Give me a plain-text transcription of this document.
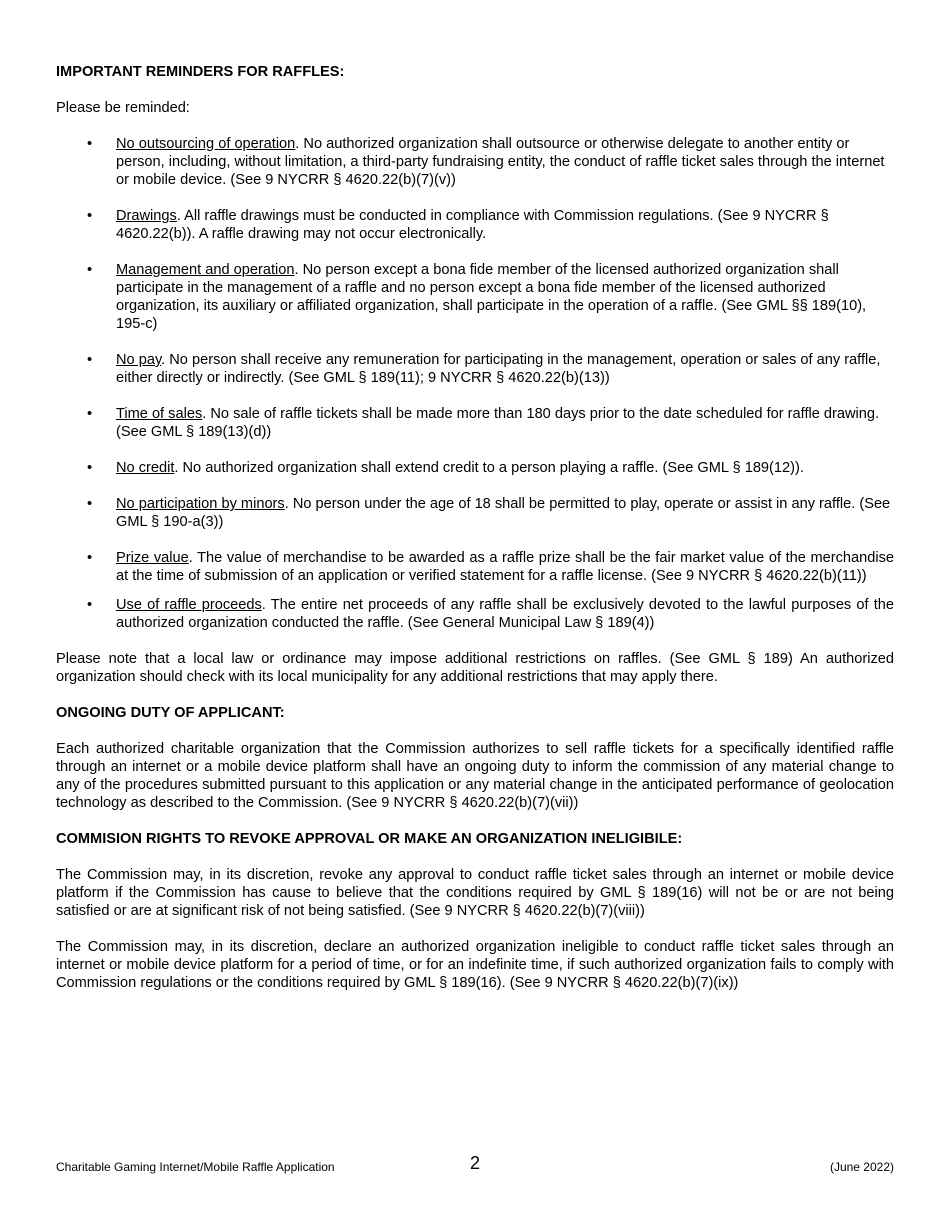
IMPORTANT REMINDERS FOR RAFFLES:

Please be reminded:

• No outsourcing of operation. No authorized organization shall outsource or otherwise delegate to another entity or person, including, without limitation, a third-party fundraising entity, the conduct of raffle ticket sales through the internet or mobile device. (See 9 NYCRR § 4620.22(b)(7)(v))
• Drawings. All raffle drawings must be conducted in compliance with Commission regulations. (See 9 NYCRR § 4620.22(b)). A raffle drawing may not occur electronically.
• Management and operation. No person except a bona fide member of the licensed authorized organization shall participate in the management of a raffle and no person except a bona fide member of the licensed authorized organization, its auxiliary or affiliated organization, shall participate in the operation of a raffle. (See GML §§ 189(10), 195-c)
• No pay. No person shall receive any remuneration for participating in the management, operation or sales of any raffle, either directly or indirectly. (See GML § 189(11); 9 NYCRR § 4620.22(b)(13))
• Time of sales. No sale of raffle tickets shall be made more than 180 days prior to the date scheduled for raffle drawing. (See GML § 189(13)(d))
• No credit. No authorized organization shall extend credit to a person playing a raffle. (See GML § 189(12)).
• No participation by minors. No person under the age of 18 shall be permitted to play, operate or assist in any raffle. (See GML § 190-a(3))
• Prize value. The value of merchandise to be awarded as a raffle prize shall be the fair market value of the merchandise at the time of submission of an application or verified statement for a raffle license. (See 9 NYCRR § 4620.22(b)(11))
• Use of raffle proceeds. The entire net proceeds of any raffle shall be exclusively devoted to the lawful purposes of the authorized organization conducted the raffle. (See General Municipal Law § 189(4))

Please note that a local law or ordinance may impose additional restrictions on raffles. (See GML § 189) An authorized organization should check with its local municipality for any additional restrictions that may apply there.

ONGOING DUTY OF APPLICANT:

Each authorized charitable organization that the Commission authorizes to sell raffle tickets for a specifically identified raffle through an internet or a mobile device platform shall have an ongoing duty to inform the commission of any material change to any of the procedures submitted pursuant to this application or any material change in the anticipated performance of geolocation technology as described to the Commission. (See 9 NYCRR § 4620.22(b)(7)(vii))

COMMISION RIGHTS TO REVOKE APPROVAL OR MAKE AN ORGANIZATION INELIGIBILE:

The Commission may, in its discretion, revoke any approval to conduct raffle ticket sales through an internet or mobile device platform if the Commission has cause to believe that the conditions required by GML § 189(16) will not be or are not being satisfied or are at significant risk of not being satisfied. (See 9 NYCRR § 4620.22(b)(7)(viii))

The Commission may, in its discretion, declare an authorized organization ineligible to conduct raffle ticket sales through an internet or mobile device platform for a period of time, or for an indefinite time, if such authorized organization fails to comply with Commission regulations or the conditions required by GML § 189(16). (See 9 NYCRR § 4620.22(b)(7)(ix))

Charitable Gaming Internet/Mobile Raffle Application	2	(June 2022)
